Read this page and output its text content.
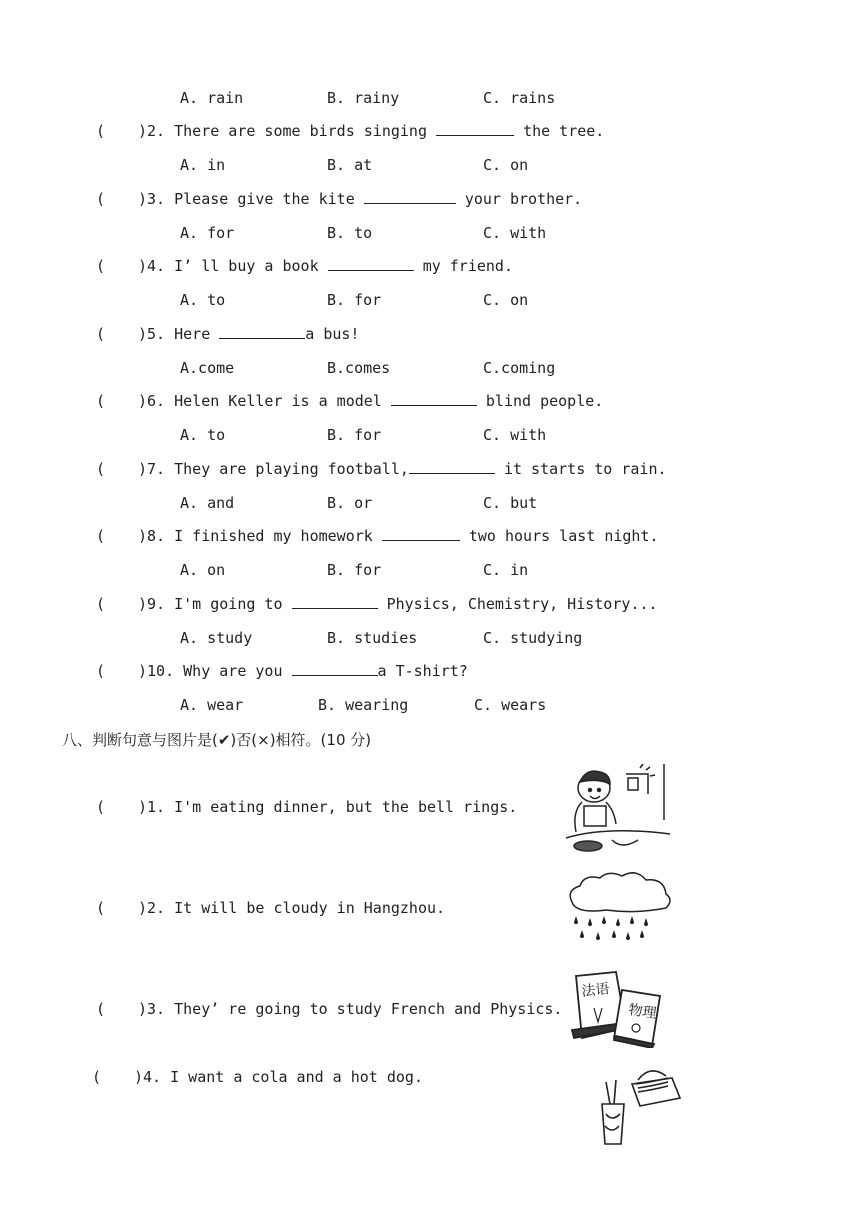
A. rain	B. rainy	C. rains
( )2. There are some birds singing	the tree.
A. in	B. at	C. on
( )3. Please give the kite	your brother.
A. for	B. to	C. with
( )4. I’ ll buy a book	my friend.
A. to	B. for	C. on
( )5. Here	a bus!
A.come	B.comes	C.coming
( )6. Helen Keller is a model	blind people.
A. to	B. for	C. with
( )7. They are playing football,	it starts to rain.
A. and	B. or	C. but
( )8. I finished my homework	two hours last night.
A. on	B. for	C. in
( )9. I'm going to	Physics, Chemistry, History...
A. study	B. studies	C. studying
( )10. Why are you	a T-shirt?
A. wear	B. wearing	C. wears
八、判断句意与图片是(✔)否(×)相符。(10 分)
( )1. I'm eating dinner, but the bell rings.
( )2. It will be cloudy in Hangzhou.
( )3. They’ re going to study French and Physics.
( )4. I want a cola and a hot dog.
法语
物理
